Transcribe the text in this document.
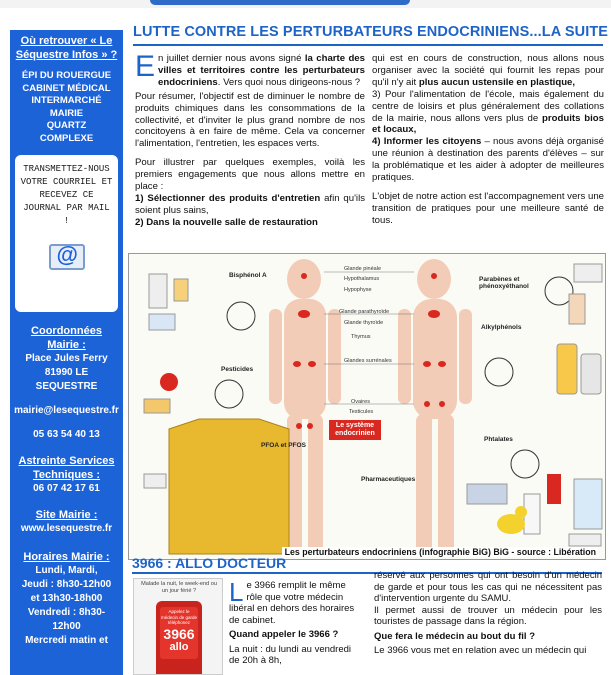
Où retrouver « Le Séquestre Infos » ?
ÉPI DU ROUERGUE
CABINET MÉDICAL
INTERMARCHÉ
MAIRIE
QUARTZ
COMPLEXE
TRANSMETTEZ-NOUS VOTRE COURRIEL ET RECEVEZ CE JOURNAL PAR MAIL !
@
Coordonnées Mairie :
Place Jules Ferry
81990 LE SEQUESTRE
mairie@lesequestre.fr
05 63 54 40 13
Astreinte Services Techniques :
06 07 42 17 61
Site Mairie :
www.lesequestre.fr
Horaires Mairie :
Lundi, Mardi,
Jeudi : 8h30-12h00
et 13h30-18h00
Vendredi : 8h30-12h00
Mercredi matin et
LUTTE CONTRE LES PERTURBATEURS ENDOCRINIENS...LA SUITE

En juillet dernier nous avons signé la charte des villes et territoires contre les perturbateurs endocriniens. Vers quoi nous dirigeons-nous ?

Pour résumer, l'objectif est de diminuer le nombre de produits chimiques dans les consommations de la collectivité, et d'inviter le plus grand nombre de nos concitoyens à en faire de même. Cela va concerner l'alimentation, l'entretien, les espaces verts.

Pour illustrer par quelques exemples, voilà les premiers engagements que nous allons mettre en place :

1) Sélectionner des produits d'entretien afin qu'ils soient plus sains,

2) Dans la nouvelle salle de restauration

qui est en cours de construction, nous allons nous organiser avec la société qui fournit les repas pour qu'il n'y ait plus aucun ustensile en plastique,

3) Pour l'alimentation de l'école, mais également du centre de loisirs et plus généralement des collations de la mairie, nous allons vers plus de produits bios et locaux,

4) Informer les citoyens – nous avons déjà organisé une réunion à destination des parents d'élèves – sur la problématique et les aider à adopter de meilleures pratiques.

L'objet de notre action est l'accompagnement vers une transition de pratiques pour une meilleure santé de tous.

Le système endocrinien
Bisphénol A
Pesticides
PFOA et PFOS
Pharmaceutiques
Parabènes et phénoxyéthanol
Alkylphénols
Phtalates
Glande pinéale
Hypothalamus
Hypophyse
Glande parathyroïde
Glande thyroïde
Thymus
Glandes surrénales
Ovaires
Testicules
Les perturbateurs endocriniens (infographie BiG) BiG - source : Libération
3966 : ALLO DOCTEUR
Malade la nuit, le week-end ou un jour férié ?
Appelez le médecin de garde téléphonez
3966
allo

Le 3966 remplit le même rôle que votre médecin libéral en dehors des horaires de cabinet.

Quand appeler le 3966 ?

La nuit : du lundi au vendredi de 20h à 8h,

réservé aux personnes qui ont besoin d'un médecin de garde et pour tous les cas qui ne nécessitent pas d'intervention urgente du SAMU.

Il permet aussi de trouver un médecin pour les touristes de passage dans la région.

Que fera le médecin au bout du fil ?

Le 3966 vous met en relation avec un médecin qui
